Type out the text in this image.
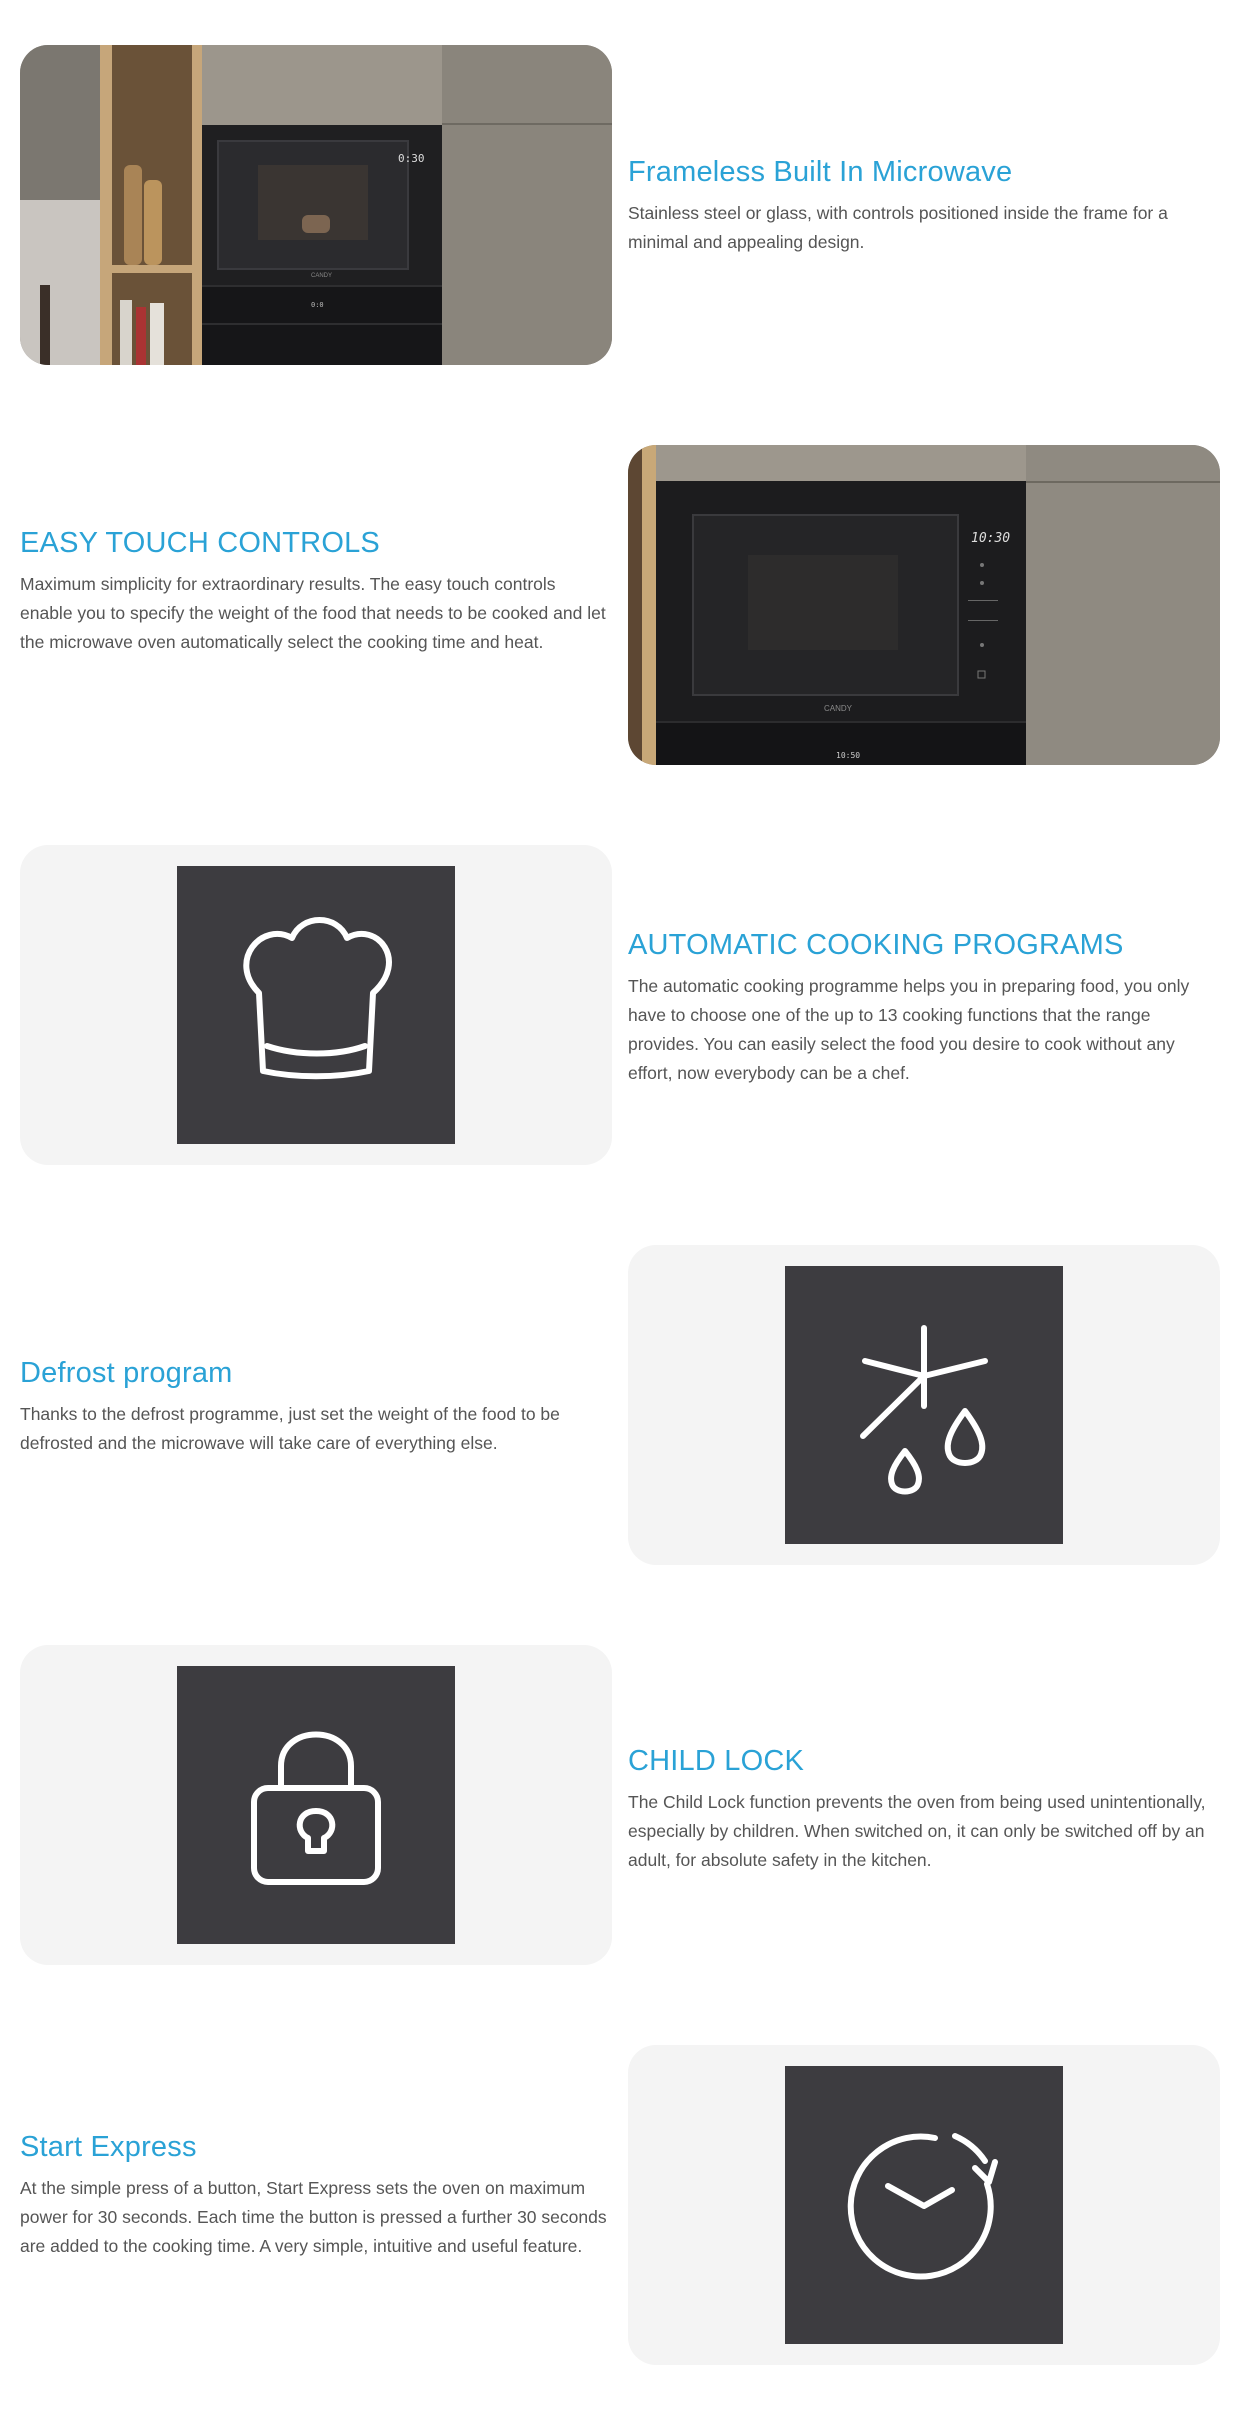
0:30
CANDY
0:0
Frameless Built In Microwave

Stainless steel or glass, with controls positioned inside the frame for a minimal and appealing design.

EASY TOUCH CONTROLS

Maximum simplicity for extraordinary results. The easy touch controls enable you to specify the weight of the food that needs to be cooked and let the microwave oven automatically select the cooking time and heat.

10:30
CANDY
10:50
AUTOMATIC COOKING PROGRAMS

The automatic cooking programme helps you in preparing food, you only have to choose one of the up to 13 cooking functions that the range provides. You can easily select the food you desire to cook without any effort, now everybody can be a chef.

Defrost program

Thanks to the defrost programme, just set the weight of the food to be defrosted and the microwave will take care of everything else.

CHILD LOCK

The Child Lock function prevents the oven from being used unintentionally, especially by children. When switched on, it can only be switched off by an adult, for absolute safety in the kitchen.

Start Express

At the simple press of a button, Start Express sets the oven on maximum power for 30 seconds. Each time the button is pressed a further 30 seconds are added to the cooking time. A very simple, intuitive and useful feature.
